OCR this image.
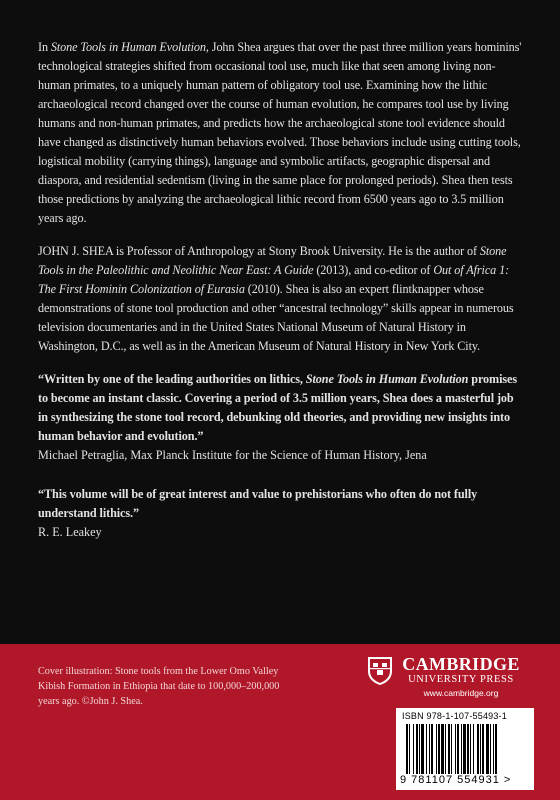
In Stone Tools in Human Evolution, John Shea argues that over the past three million years hominins' technological strategies shifted from occasional tool use, much like that seen among living non-human primates, to a uniquely human pattern of obligatory tool use. Examining how the lithic archaeological record changed over the course of human evolution, he compares tool use by living humans and non-human primates, and predicts how the archaeological stone tool evidence should have changed as distinctively human behaviors evolved. Those behaviors include using cutting tools, logistical mobility (carrying things), language and symbolic artifacts, geographic dispersal and diaspora, and residential sedentism (living in the same place for prolonged periods). Shea then tests those predictions by analyzing the archaeological lithic record from 6500 years ago to 3.5 million years ago.

JOHN J. SHEA is Professor of Anthropology at Stony Brook University. He is the author of Stone Tools in the Paleolithic and Neolithic Near East: A Guide (2013), and co-editor of Out of Africa 1: The First Hominin Colonization of Eurasia (2010). Shea is also an expert flintknapper whose demonstrations of stone tool production and other “ancestral technology” skills appear in numerous television documentaries and in the United States National Museum of Natural History in Washington, D.C., as well as in the American Museum of Natural History in New York City.

“Written by one of the leading authorities on lithics, Stone Tools in Human Evolution promises to become an instant classic. Covering a period of 3.5 million years, Shea does a masterful job in synthesizing the stone tool record, debunking old theories, and providing new insights into human behavior and evolution.”

Michael Petraglia, Max Planck Institute for the Science of Human History, Jena

“This volume will be of great interest and value to prehistorians who often do not fully understand lithics.”

R. E. Leakey

Cover illustration: Stone tools from the Lower Omo Valley Kibish Formation in Ethiopia that date to 100,000–200,000 years ago. ©John J. Shea.
CAMBRIDGE
UNIVERSITY PRESS
www.cambridge.org
ISBN 978-1-107-55493-1
9 781107 554931 >
